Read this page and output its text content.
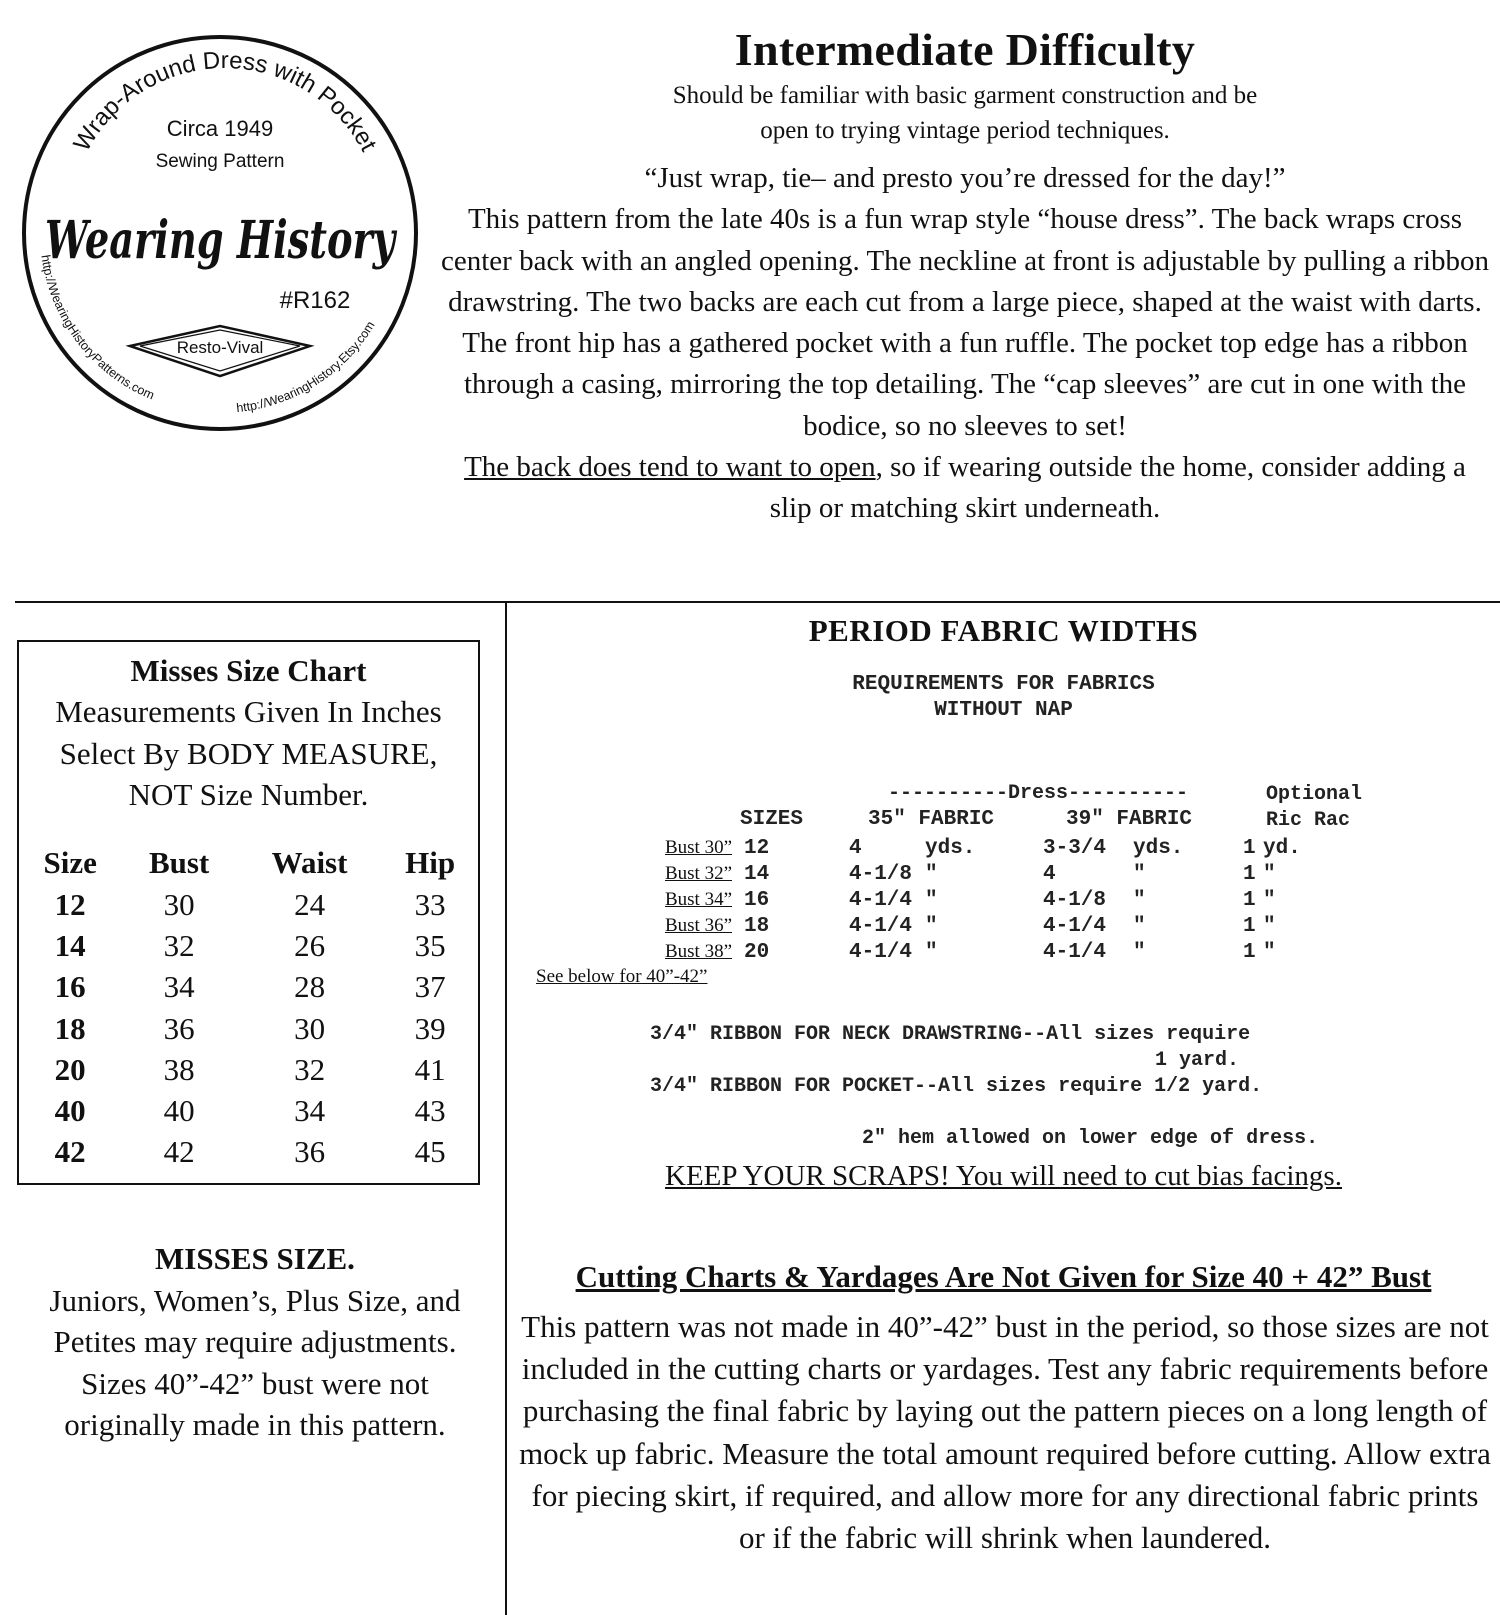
Wrap-Around Dress with Pocket
Circa 1949
Sewing Pattern
Wearing History
#R162
Resto-Vival
http://WearingHistoryPatterns.com
http://WearingHistory.Etsy.com
Intermediate Difficulty

Should be familiar with basic garment construction and be

open to trying vintage period techniques.

“Just wrap, tie– and presto you’re dressed for the day!”

This pattern from the late 40s is a fun wrap style “house dress”. The back wraps cross center back with an angled opening. The neckline at front is adjustable by pulling a ribbon drawstring. The two backs are each cut from a large piece, shaped at the waist with darts. The front hip has a gathered pocket with a fun ruffle. The pocket top edge has a ribbon through a casing, mirroring the top detailing. The “cap sleeves” are cut in one with the bodice, so no sleeves to set!

The back does tend to want to open, so if wearing outside the home, consider adding a slip or matching skirt underneath.

Misses Size Chart
Measurements Given In Inches
Select By BODY MEASURE,
NOT Size Number.
Size	Bust	Waist	Hip
12	30	24	33
14	32	26	35
16	34	28	37
18	36	30	39
20	38	32	41
40	40	34	43
42	42	36	45
MISSES SIZE.
Juniors, Women’s, Plus Size, and Petites may require adjustments.
Sizes 40”-42” bust were not originally made in this pattern.
PERIOD FABRIC WIDTHS
REQUIREMENTS FOR FABRICS
WITHOUT NAP
----------Dress----------	Optional
Ric Rac
SIZES	35" FABRIC	39" FABRIC
Bust 30”	12	4	yds.	3-3/4	yds.	1	yd.
Bust 32”	14	4-1/8	"	4	"	1	"
Bust 34”	16	4-1/4	"	4-1/8	"	1	"
Bust 36”	18	4-1/4	"	4-1/4	"	1	"
Bust 38”	20	4-1/4	"	4-1/4	"	1	"
See below for 40”-42”
3/4" RIBBON FOR NECK DRAWSTRING--All sizes require
1 yard.
3/4" RIBBON FOR POCKET--All sizes require 1/2 yard.
2" hem allowed on lower edge of dress.
KEEP YOUR SCRAPS! You will need to cut bias facings.
Cutting Charts & Yardages Are Not Given for Size 40 + 42” Bust
This pattern was not made in 40”-42” bust in the period, so those sizes are not included in the cutting charts or yardages. Test any fabric requirements before purchasing the final fabric by laying out the pattern pieces on a long length of mock up fabric. Measure the total amount required before cutting. Allow extra for piecing skirt, if required, and allow more for any directional fabric prints or if the fabric will shrink when laundered.
